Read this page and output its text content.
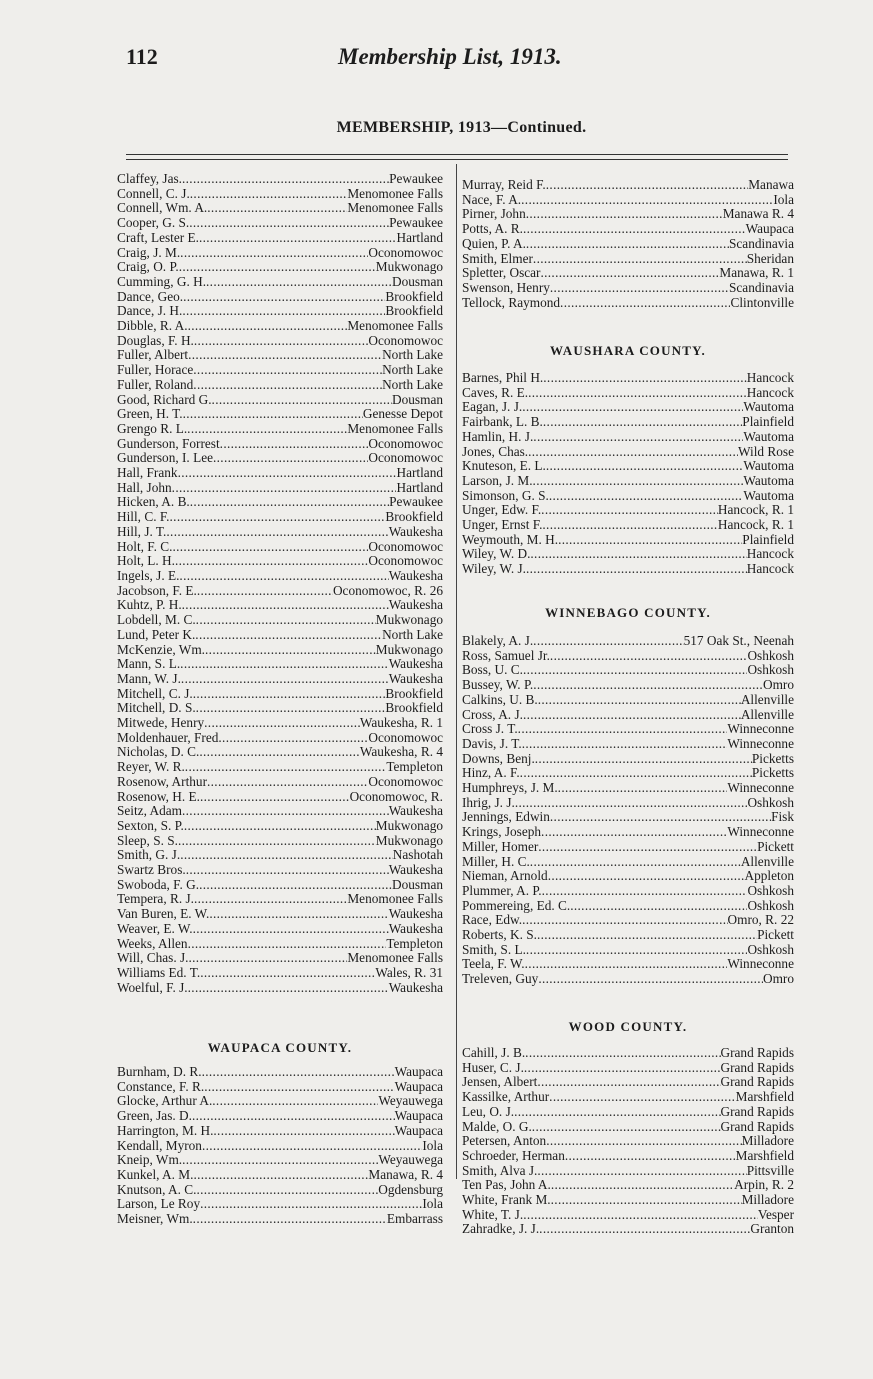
112	Membership List, 1913.
MEMBERSHIP, 1913—Continued.
Claffey, Jas. . . .	Pewaukee
Connell, C. J. . . .	Menomonee Falls
Connell, Wm. A. . . .	Menomonee Falls
Cooper, G. S. . . .	Pewaukee
Craft, Lester E. . . .	Hartland
Craig, J. M. . . .	Oconomowoc
Craig, O. P. . . .	Mukwonago
Cumming, G. H. . . .	Dousman
Dance, Geo. . . .	Brookfield
Dance, J. H. . . .	Brookfield
Dibble, R. A. . . .	Menomonee Falls
Douglas, F. H. . . .	Oconomowoc
Fuller, Albert . . .	North Lake
Fuller, Horace . . .	North Lake
Fuller, Roland . . .	North Lake
Good, Richard G. . . .	Dousman
Green, H. T. . . .	Genesse Depot
Grengo R. L. . . .	Menomonee Falls
Gunderson, Forrest . . .	Oconomowoc
Gunderson, I. Lee . . .	Oconomowoc
Hall, Frank . . .	Hartland
Hall, John . . .	Hartland
Hicken, A. B. . . .	Pewaukee
Hill, C. F. . . .	Brookfield
Hill, J. T. . . .	Waukesha
Holt, F. C. . . .	Oconomowoc
Holt, L. H. . . .	Oconomowoc
Ingels, J. E. . . .	Waukesha
Jacobson, F. E. . . .	Oconomowoc, R. 26
Kuhtz, P. H. . . .	Waukesha
Lobdell, M. C. . . .	Mukwonago
Lund, Peter K. . . .	North Lake
McKenzie, Wm. . . .	Mukwonago
Mann, S. L. . . .	Waukesha
Mann, W. J. . . .	Waukesha
Mitchell, C. J. . . .	Brookfield
Mitchell, D. S. . . .	Brookfield
Mitwede, Henry . . .	Waukesha, R. 1
Moldenhauer, Fred . . .	Oconomowoc
Nicholas, D. C. . . .	Waukesha, R. 4
Reyer, W. R. . . .	Templeton
Rosenow, Arthur . . .	Oconomowoc
Rosenow, H. E. . . .	Oconomowoc, R.
Seitz, Adam . . .	Waukesha
Sexton, S. P. . . .	Mukwonago
Sleep, S. S. . . .	Mukwonago
Smith, G. J. . . .	Nashotah
Swartz Bros. . . .	Waukesha
Swoboda, F. G. . . .	Dousman
Tempera, R. J. . . .	Menomonee Falls
Van Buren, E. W. . . .	Waukesha
Weaver, E. W. . . .	Waukesha
Weeks, Allen . . .	Templeton
Will, Chas. J. . . .	Menomonee Falls
Williams Ed. T. . . .	Wales, R. 31
Woelful, F. J. . . .	Waukesha
WAUPACA COUNTY.
Burnham, D. R. . . .	Waupaca
Constance, F. R. . . .	Waupaca
Glocke, Arthur A. . . .	Weyauwega
Green, Jas. D. . . .	Waupaca
Harrington, M. H. . . .	Waupaca
Kendall, Myron . . .	Iola
Kneip, Wm. . . .	Weyauwega
Kunkel, A. M. . . .	Manawa, R. 4
Knutson, A. C. . . .	Ogdensburg
Larson, Le Roy . . .	Iola
Meisner, Wm. . . .	Embarrass
Murray, Reid F. . . .	Manawa
Nace, F. A. . . .	Iola
Pirner, John . . .	Manawa R. 4
Potts, A. R. . . .	Waupaca
Quien, P. A. . . .	Scandinavia
Smith, Elmer . . .	Sheridan
Spletter, Oscar . . .	Manawa, R. 1
Swenson, Henry . . .	Scandinavia
Tellock, Raymond . . .	Clintonville
WAUSHARA COUNTY.
Barnes, Phil H. . . .	Hancock
Caves, R. E. . . .	Hancock
Eagan, J. J. . . .	Wautoma
Fairbank, L. B. . . .	Plainfield
Hamlin, H. J. . . .	Wautoma
Jones, Chas. . . .	Wild Rose
Knuteson, E. L. . . .	Wautoma
Larson, J. M. . . .	Wautoma
Simonson, G. S. . . .	Wautoma
Unger, Edw. F. . . .	Hancock, R. 1
Unger, Ernst F. . . .	Hancock, R. 1
Weymouth, M. H. . . .	Plainfield
Wiley, W. D. . . .	Hancock
Wiley, W. J. . . .	Hancock
WINNEBAGO COUNTY.
Blakely, A. J. . . .	517 Oak St., Neenah
Ross, Samuel Jr. . . .	Oshkosh
Boss, U. C. . . .	Oshkosh
Bussey, W. P. . . .	Omro
Calkins, U. B. . . .	Allenville
Cross, A. J. . . .	Allenville
Cross J. T. . . .	Winneconne
Davis, J. T. . . .	Winneconne
Downs, Benj. . . .	Picketts
Hinz, A. F. . . .	Picketts
Humphreys, J. M. . . .	Winneconne
Ihrig, J. J. . . .	Oshkosh
Jennings, Edwin . . .	Fisk
Krings, Joseph . . .	Winneconne
Miller, Homer . . .	Pickett
Miller, H. C. . . .	Allenville
Nieman, Arnold . . .	Appleton
Plummer, A. P. . . .	Oshkosh
Pommereing, Ed. C. . . .	Oshkosh
Race, Edw. . . .	Omro, R. 22
Roberts, K. S. . . .	Pickett
Smith, S. L. . . .	Oshkosh
Teela, F. W. . . .	Winneconne
Treleven, Guy . . .	Omro
WOOD COUNTY.
Cahill, J. B. . . .	Grand Rapids
Huser, C. J. . . .	Grand Rapids
Jensen, Albert . . .	Grand Rapids
Kassilke, Arthur . . .	Marshfield
Leu, O. J. . . .	Grand Rapids
Malde, O. G. . . .	Grand Rapids
Petersen, Anton . . .	Milladore
Schroeder, Herman . . .	Marshfield
Smith, Alva J. . . .	Pittsville
Ten Pas, John A. . . .	Arpin, R. 2
White, Frank M. . . .	Milladore
White, T. J. . . .	Vesper
Zahradke, J. J. . . .	Granton
